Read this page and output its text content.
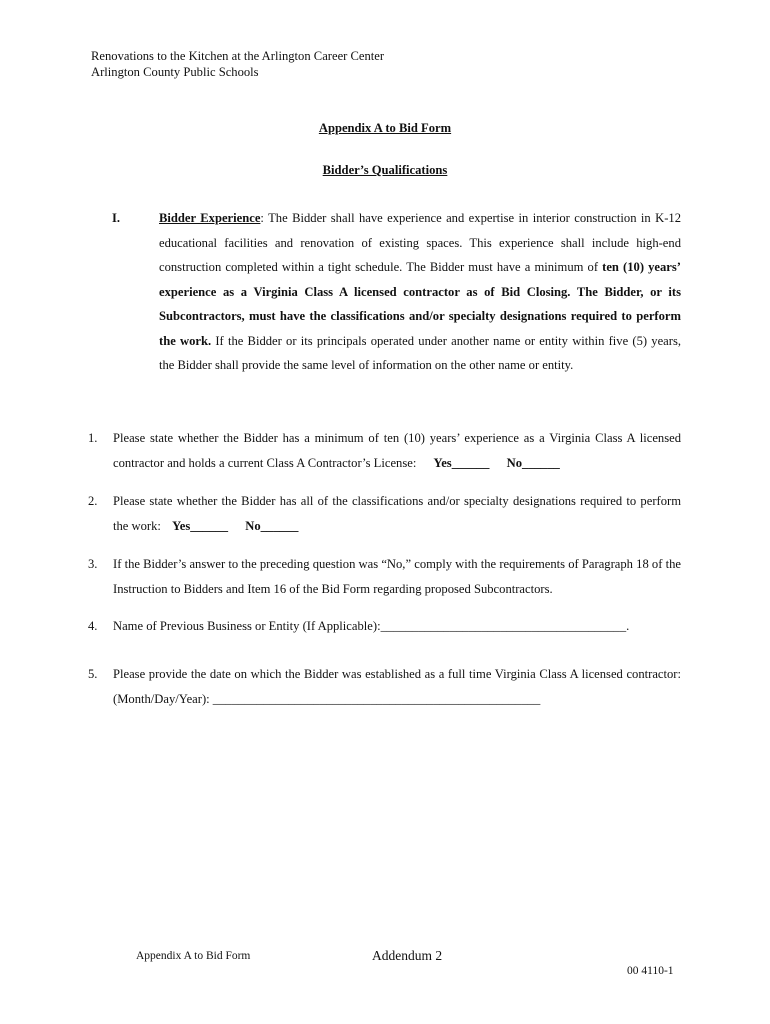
Renovations to the Kitchen at the Arlington Career Center
Arlington County Public Schools
Appendix A to Bid Form
Bidder’s Qualifications
I.	Bidder Experience: The Bidder shall have experience and expertise in interior construction in K-12 educational facilities and renovation of existing spaces. This experience shall include high-end construction completed within a tight schedule. The Bidder must have a minimum of ten (10) years’ experience as a Virginia Class A licensed contractor as of Bid Closing. The Bidder, or its Subcontractors, must have the classifications and/or specialty designations required to perform the work. If the Bidder or its principals operated under another name or entity within five (5) years, the Bidder shall provide the same level of information on the other name or entity.
1. Please state whether the Bidder has a minimum of ten (10) years’ experience as a Virginia Class A licensed contractor and holds a current Class A Contractor’s License: Yes______ No______
2. Please state whether the Bidder has all of the classifications and/or specialty designations required to perform the work: Yes______ No______
3. If the Bidder’s answer to the preceding question was “No,” comply with the requirements of Paragraph 18 of the Instruction to Bidders and Item 16 of the Bid Form regarding proposed Subcontractors.
4. Name of Previous Business or Entity (If Applicable):_______________________________________.
5. Please provide the date on which the Bidder was established as a full time Virginia Class A licensed contractor: (Month/Day/Year): ____________________________________________________
Appendix A to Bid Form	Addendum 2
00 4110-1
